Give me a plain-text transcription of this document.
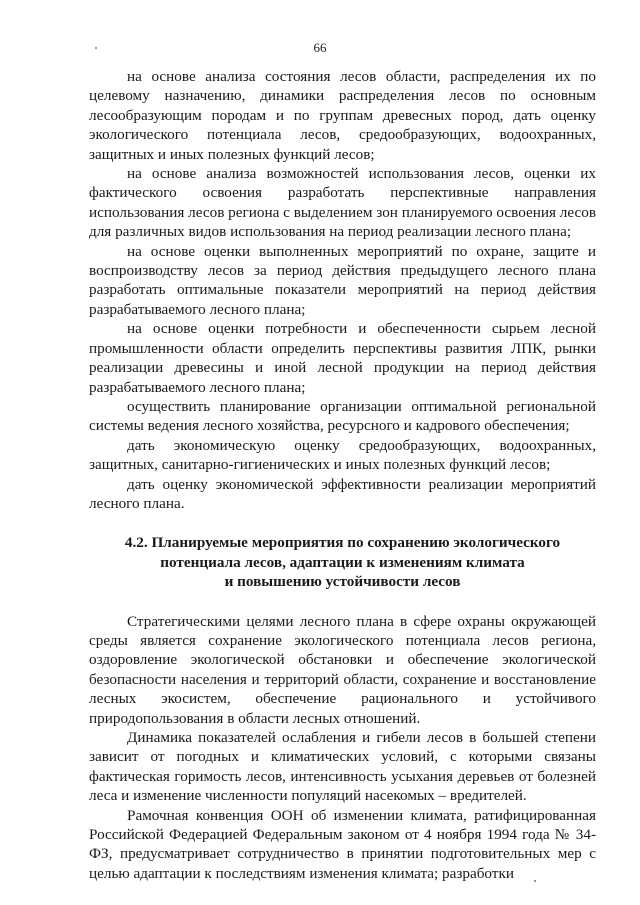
66

на основе анализа состояния лесов области, распределения их по целевому назначению, динамики распределения лесов по основным лесообразующим породам и по группам древесных пород, дать оценку экологического потенциала лесов, средообразующих, водоохранных, защитных и иных полезных функций лесов;

на основе анализа возможностей использования лесов, оценки их фактического освоения разработать перспективные направления использования лесов региона с выделением зон планируемого освоения лесов для различных видов использования на период реализации лесного плана;

на основе оценки выполненных мероприятий по охране, защите и воспроизводству лесов за период действия предыдущего лесного плана разработать оптимальные показатели мероприятий на период действия разрабатываемого лесного плана;

на основе оценки потребности и обеспеченности сырьем лесной промышленности области определить перспективы развития ЛПК, рынки реализации древесины и иной лесной продукции на период действия разрабатываемого лесного плана;

осуществить планирование организации оптимальной региональной системы ведения лесного хозяйства, ресурсного и кадрового обеспечения;

дать экономическую оценку средообразующих, водоохранных, защитных, санитарно-гигиенических и иных полезных функций лесов;

дать оценку экономической эффективности реализации мероприятий лесного плана.

4.2. Планируемые мероприятия по сохранению экологического
потенциала лесов, адаптации к изменениям климата
и повышению устойчивости лесов

Стратегическими целями лесного плана в сфере охраны окружающей среды является сохранение экологического потенциала лесов региона, оздоровление экологической обстановки и обеспечение экологической безопасности населения и территорий области, сохранение и восстановление лесных экосистем, обеспечение рационального и устойчивого природопользования в области лесных отношений.

Динамика показателей ослабления и гибели лесов в большей степени зависит от погодных и климатических условий, с которыми связаны фактическая горимость лесов, интенсивность усыхания деревьев от болезней леса и изменение численности популяций насекомых – вредителей.

Рамочная конвенция ООН об изменении климата, ратифицированная Российской Федерацией Федеральным законом от 4 ноября 1994 года № 34-ФЗ, предусматривает сотрудничество в принятии подготовительных мер с целью адаптации к последствиям изменения климата; разработки
